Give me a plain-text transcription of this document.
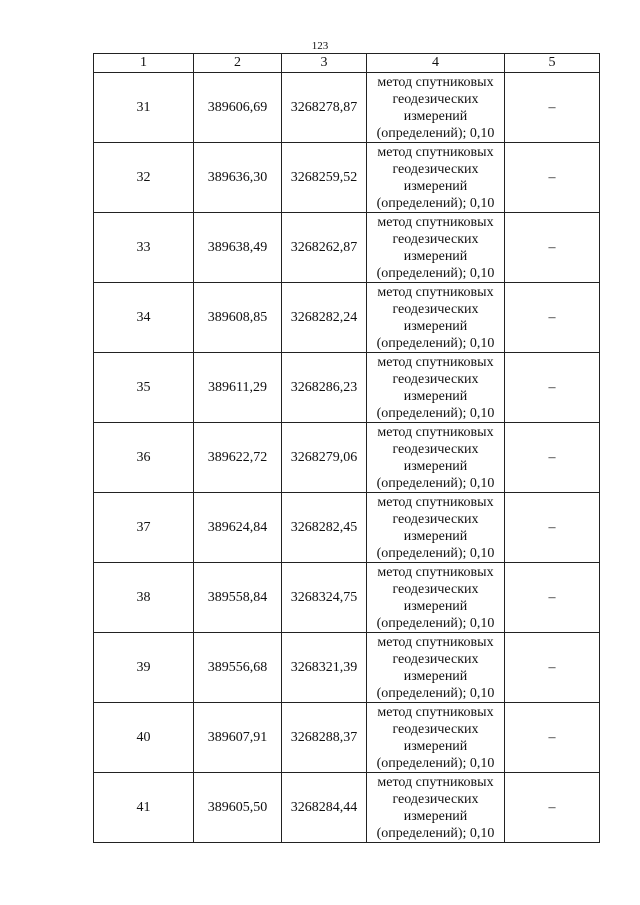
123
1	2	3	4	5
31	389606,69	3268278,87	метод спутниковых
геодезических
измерений
(определений); 0,10	–
32	389636,30	3268259,52	метод спутниковых
геодезических
измерений
(определений); 0,10	–
33	389638,49	3268262,87	метод спутниковых
геодезических
измерений
(определений); 0,10	–
34	389608,85	3268282,24	метод спутниковых
геодезических
измерений
(определений); 0,10	–
35	389611,29	3268286,23	метод спутниковых
геодезических
измерений
(определений); 0,10	–
36	389622,72	3268279,06	метод спутниковых
геодезических
измерений
(определений); 0,10	–
37	389624,84	3268282,45	метод спутниковых
геодезических
измерений
(определений); 0,10	–
38	389558,84	3268324,75	метод спутниковых
геодезических
измерений
(определений); 0,10	–
39	389556,68	3268321,39	метод спутниковых
геодезических
измерений
(определений); 0,10	–
40	389607,91	3268288,37	метод спутниковых
геодезических
измерений
(определений); 0,10	–
41	389605,50	3268284,44	метод спутниковых
геодезических
измерений
(определений); 0,10	–
